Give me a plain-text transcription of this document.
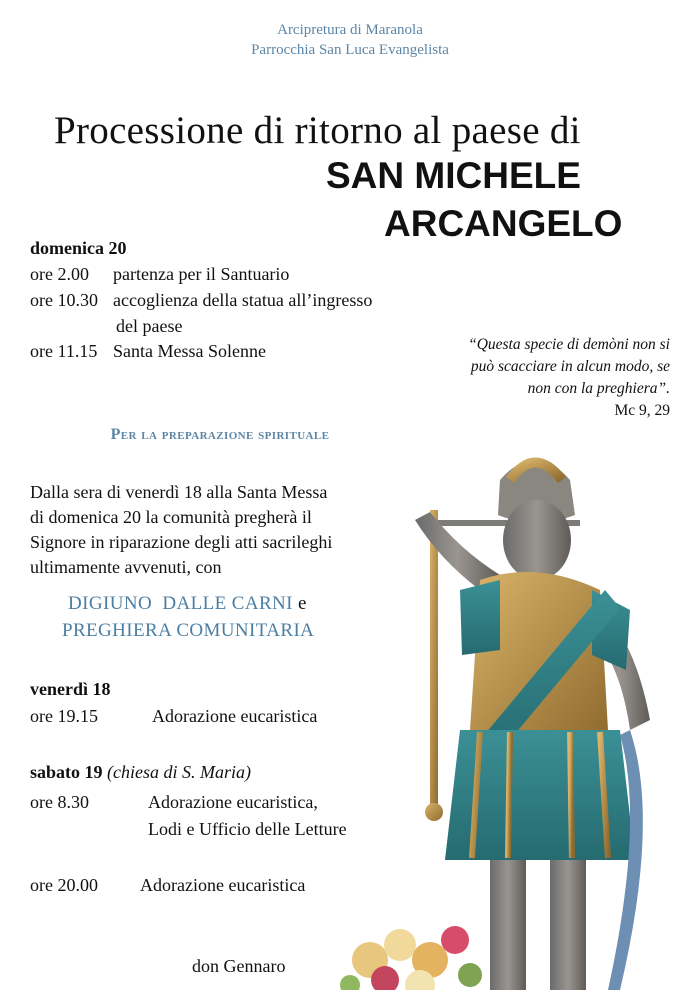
Arcipretura di Maranola
Parrocchia San Luca Evangelista
Processione di ritorno al paese di
SAN MICHELE
ARCANGELO
domenica 20
ore 2.00 partenza per il Santuario
ore 10.30 accoglienza della statua all’ingresso
del paese
ore 11.15 Santa Messa Solenne	“Questa specie di demòni non si
può scacciare in alcun modo, se
non con la preghiera”.
Mc 9, 29
Per la preparazione spirituale
Dalla sera di venerdì 18 alla Santa Messa
di domenica 20 la comunità pregherà il
Signore in riparazione degli atti sacrileghi
ultimamente avvenuti, con
DIGIUNO  DALLE CARNI e
PREGHIERA COMUNITARIA
venerdì 18
ore 19.15	Adorazione eucaristica
sabato 19 (chiesa di S. Maria)
ore 8.30	Adorazione eucaristica,
Lodi e Ufficio delle Letture
ore 20.00 Adorazione eucaristica
don Gennaro
